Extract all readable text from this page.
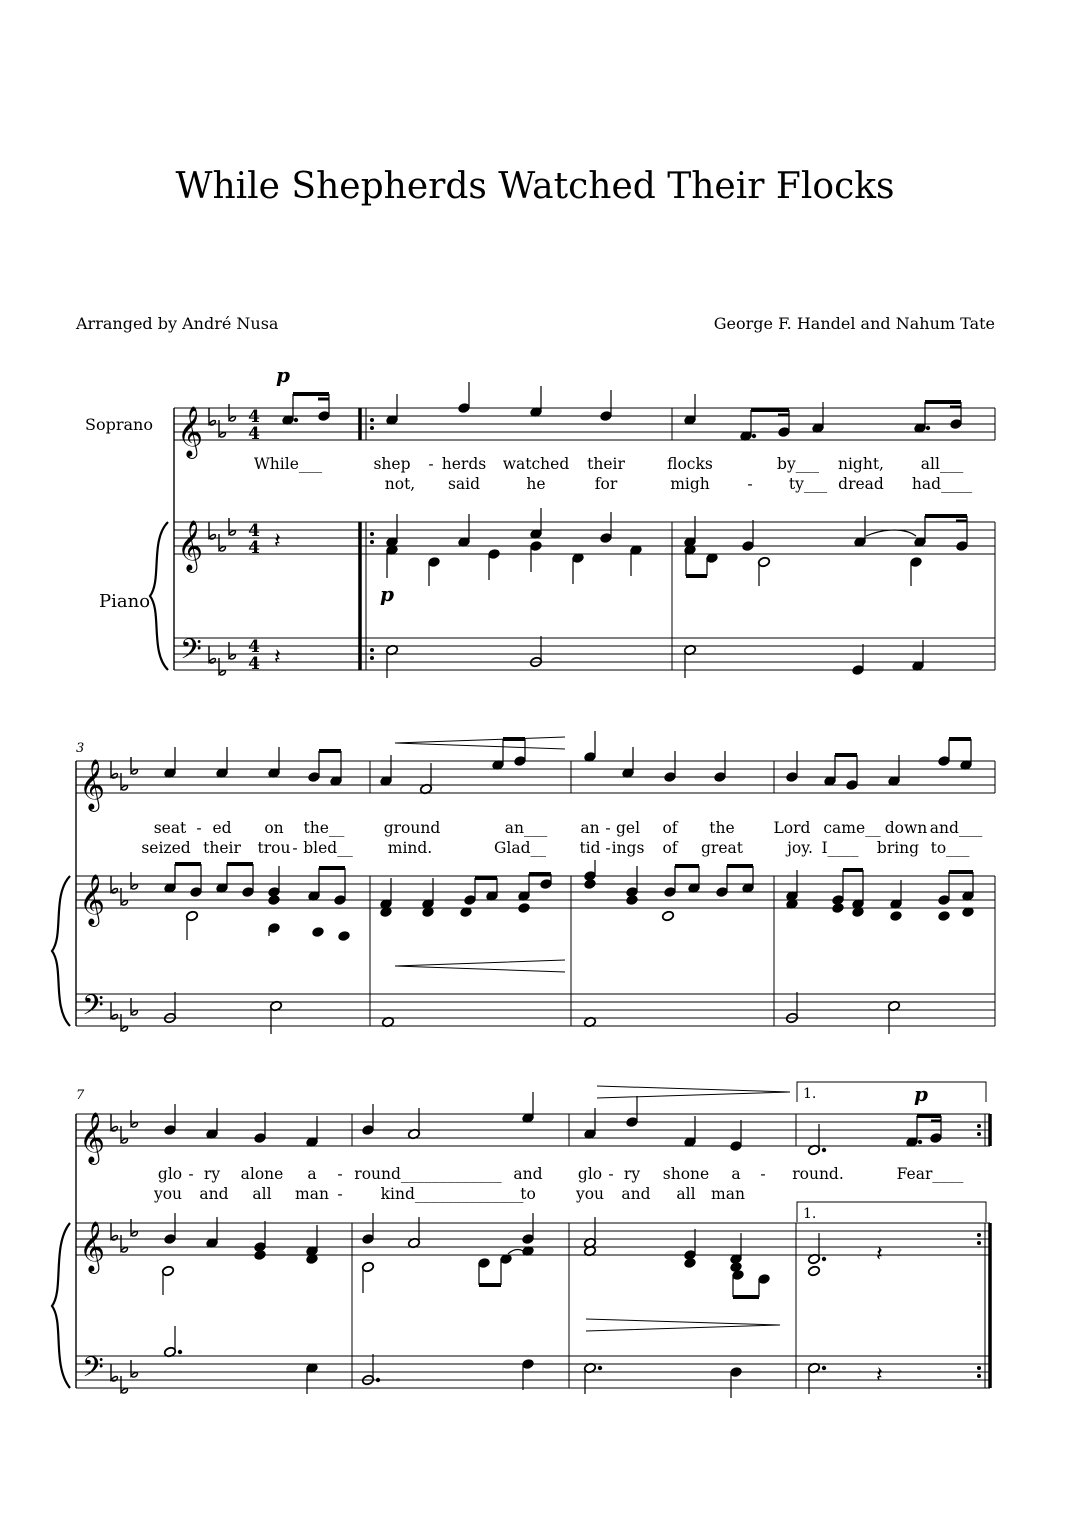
While Shepherds Watched Their Flocks
Arranged by André Nusa	George F. Handel and Nahum Tate
Soprano
Piano
𝄞
𝄞
𝄢
4
4
4
4
4
4
𝄽
𝄽
p
p
While___	shep - herds watched their	flocks	by___ night, all___
not, said	he	for	migh - ty___ dread had____
3
𝄞
𝄞
𝄢
seat - ed on the__	ground	an___ an - gel of the	Lord came__ down and___
seized their trou - bled__ mind.	Glad__ tid - ings of great	joy. I____ bring to___
7
𝄞
𝄞
𝄢
1.
1.
p
𝄽
𝄽
glo - ry alone a - round_____________ and glo - ry shone a - round.	Fear____
you and all man - kind______________
to	you and all man
